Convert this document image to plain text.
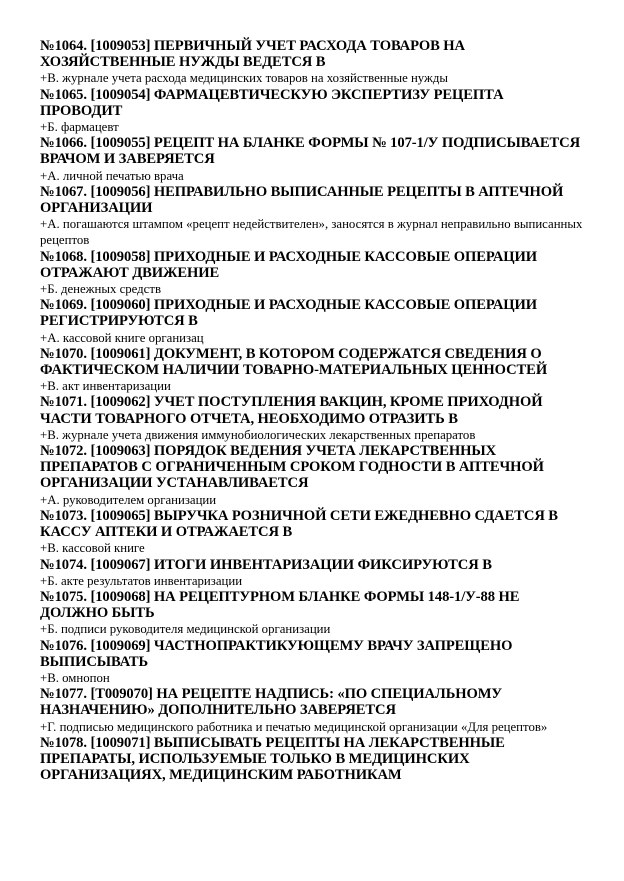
№1064. [1009053] ПЕРВИЧНЫЙ УЧЕТ РАСХОДА ТОВАРОВ НА ХОЗЯЙСТВЕННЫЕ НУЖДЫ ВЕДЕТСЯ В

+В. журнале учета расхода медицинских товаров на хозяйственные нужды

№1065. [1009054] ФАРМАЦЕВТИЧЕСКУЮ ЭКСПЕРТИЗУ РЕЦЕПТА ПРОВОДИТ

+Б. фармацевт

№1066. [1009055] РЕЦЕПТ НА БЛАНКЕ ФОРМЫ № 107-1/У ПОДПИСЫВАЕТСЯ ВРАЧОМ И ЗАВЕРЯЕТСЯ

+А. личной печатью врача

№1067. [1009056] НЕПРАВИЛЬНО ВЫПИСАННЫЕ РЕЦЕПТЫ В АПТЕЧНОЙ ОРГАНИЗАЦИИ

+А. погашаются штампом «рецепт недействителен», заносятся в журнал неправильно выписанных рецептов

№1068. [1009058] ПРИХОДНЫЕ И РАСХОДНЫЕ КАССОВЫЕ ОПЕРАЦИИ ОТРАЖАЮТ ДВИЖЕНИЕ

+Б. денежных средств

№1069. [1009060] ПРИХОДНЫЕ И РАСХОДНЫЕ КАССОВЫЕ ОПЕРАЦИИ РЕГИСТРИРУЮТСЯ В

+А. кассовой книге организац

№1070. [1009061] ДОКУМЕНТ, В КОТОРОМ СОДЕРЖАТСЯ СВЕДЕНИЯ О ФАКТИЧЕСКОМ НАЛИЧИИ ТОВАРНО-МАТЕРИАЛЬНЫХ ЦЕННОСТЕЙ

+В. акт инвентаризации

№1071. [1009062] УЧЕТ ПОСТУПЛЕНИЯ ВАКЦИН, КРОМЕ ПРИХОДНОЙ ЧАСТИ ТОВАРНОГО ОТЧЕТА, НЕОБХОДИМО ОТРАЗИТЬ В

+В. журнале учета движения иммунобиологических лекарственных препаратов

№1072. [1009063] ПОРЯДОК ВЕДЕНИЯ УЧЕТА ЛЕКАРСТВЕННЫХ ПРЕПАРАТОВ С ОГРАНИЧЕННЫМ СРОКОМ ГОДНОСТИ В АПТЕЧНОЙ ОРГАНИЗАЦИИ УСТАНАВЛИВАЕТСЯ

+А. руководителем организации

№1073. [1009065] ВЫРУЧКА РОЗНИЧНОЙ СЕТИ ЕЖЕДНЕВНО СДАЕТСЯ В КАССУ АПТЕКИ И ОТРАЖАЕТСЯ В

+В. кассовой книге

№1074. [1009067] ИТОГИ ИНВЕНТАРИЗАЦИИ ФИКСИРУЮТСЯ В

+Б. акте результатов инвентаризации

№1075. [1009068] НА РЕЦЕПТУРНОМ БЛАНКЕ ФОРМЫ 148-1/У-88 НЕ ДОЛЖНО БЫТЬ

+Б. подписи руководителя медицинской организации

№1076. [1009069] ЧАСТНОПРАКТИКУЮЩЕМУ ВРАЧУ ЗАПРЕЩЕНО ВЫПИСЫВАТЬ

+В. омнопон

№1077. [T009070] НА РЕЦЕПТЕ НАДПИСЬ: «ПО СПЕЦИАЛЬНОМУ НАЗНАЧЕНИЮ» ДОПОЛНИТЕЛЬНО ЗАВЕРЯЕТСЯ

+Г. подписью медицинского работника и печатью медицинской организации «Для рецептов»

№1078. [1009071] ВЫПИСЫВАТЬ РЕЦЕПТЫ НА ЛЕКАРСТВЕННЫЕ ПРЕПАРАТЫ, ИСПОЛЬЗУЕМЫЕ ТОЛЬКО В МЕДИЦИНСКИХ ОРГАНИЗАЦИЯХ, МЕДИЦИНСКИМ РАБОТНИКАМ
